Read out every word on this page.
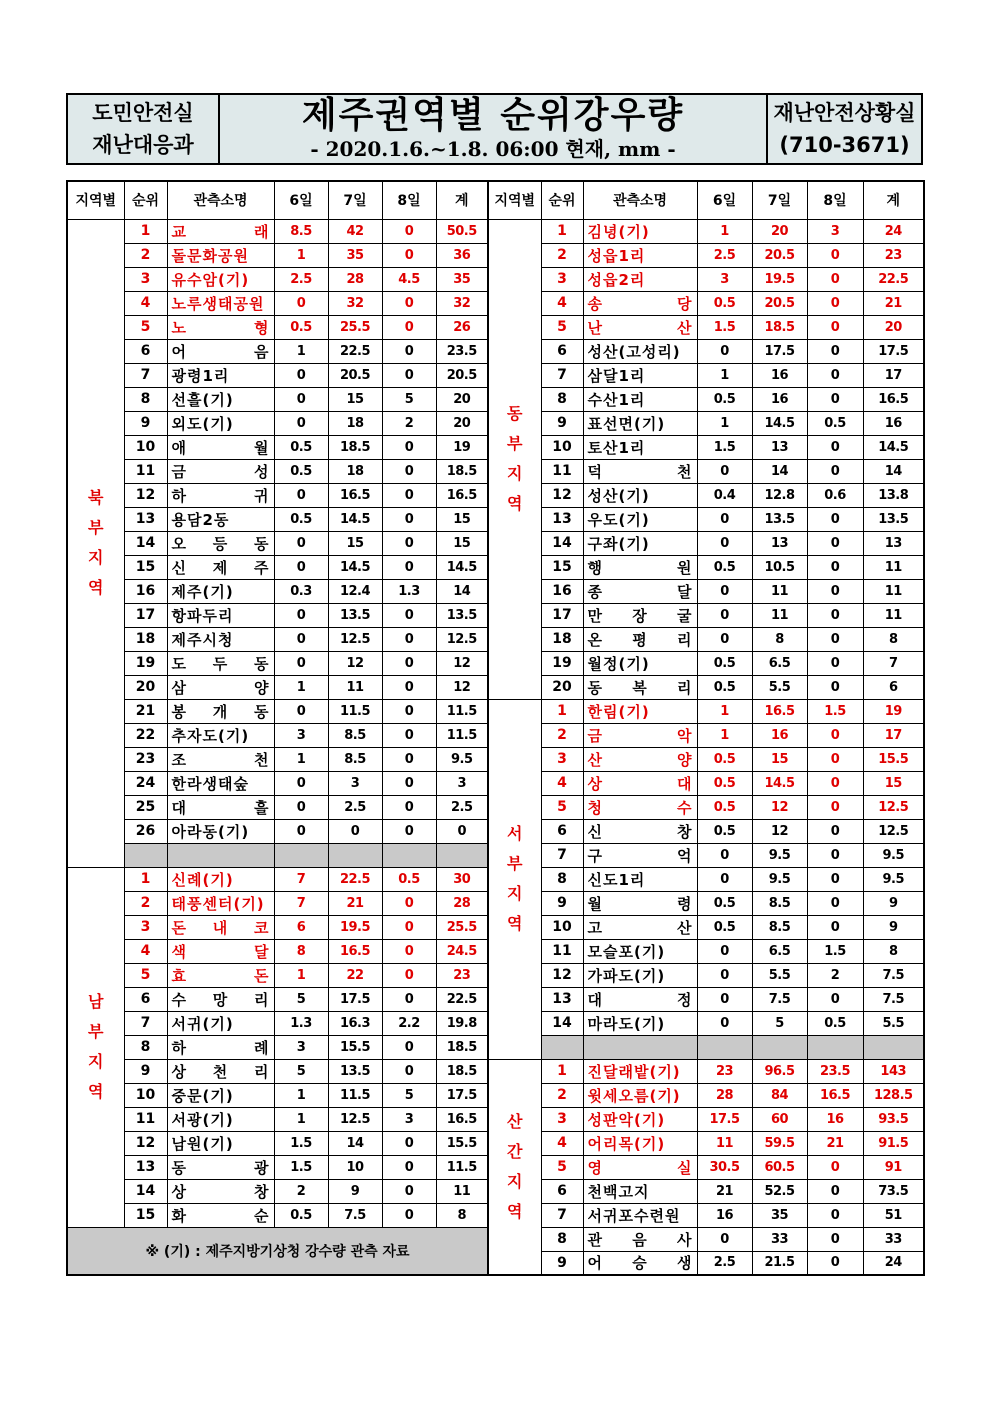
도민안전실
재난대응과
제주권역별 순위강우량
- 2020.1.6.~1.8. 06:00 현재, mm -
재난안전상황실
(710-3671)
지역별	순위	관측소명	6일	7일	8일	계
북
부
지
역	1	교 래	8.5	42	0	50.5
	2	돌문화공원	1	35	0	36
	3	유수암(기)	2.5	28	4.5	35
	4	노루생태공원	0	32	0	32
	5	노 형	0.5	25.5	0	26
	6	어 음	1	22.5	0	23.5
	7	광령1리	0	20.5	0	20.5
	8	선흘(기)	0	15	5	20
	9	외도(기)	0	18	2	20
	10	애 월	0.5	18.5	0	19
	11	금 성	0.5	18	0	18.5
	12	하 귀	0	16.5	0	16.5
	13	용담2동	0.5	14.5	0	15
	14	오 등 동	0	15	0	15
	15	신 제 주	0	14.5	0	14.5
	16	제주(기)	0.3	12.4	1.3	14
	17	항파두리	0	13.5	0	13.5
	18	제주시청	0	12.5	0	12.5
	19	도 두 동	0	12	0	12
	20	삼 양	1	11	0	12
	21	봉 개 동	0	11.5	0	11.5
	22	추자도(기)	3	8.5	0	11.5
	23	조 천	1	8.5	0	9.5
	24	한라생태숲	0	3	0	3
	25	대 흘	0	2.5	0	2.5
	26	아라동(기)	0	0	0	0

남
부
지
역	1	신례(기)	7	22.5	0.5	30
	2	태풍센터(기)	7	21	0	28
	3	돈 내 코	6	19.5	0	25.5
	4	색 달	8	16.5	0	24.5
	5	효 돈	1	22	0	23
	6	수 망 리	5	17.5	0	22.5
	7	서귀(기)	1.3	16.3	2.2	19.8
	8	하 례	3	15.5	0	18.5
	9	상 천 리	5	13.5	0	18.5
	10	중문(기)	1	11.5	5	17.5
	11	서광(기)	1	12.5	3	16.5
	12	남원(기)	1.5	14	0	15.5
	13	동 광	1.5	10	0	11.5
	14	상 창	2	9	0	11
	15	화 순	0.5	7.5	0	8
※ (기) : 제주지방기상청 강수량 관측 자료						
지역별	순위	관측소명	6일	7일	8일	계
동
부
지
역	1	김녕(기)	1	20	3	24
	2	성읍1리	2.5	20.5	0	23
	3	성읍2리	3	19.5	0	22.5
	4	송 당	0.5	20.5	0	21
	5	난 산	1.5	18.5	0	20
	6	성산(고성리)	0	17.5	0	17.5
	7	삼달1리	1	16	0	17
	8	수산1리	0.5	16	0	16.5
	9	표선면(기)	1	14.5	0.5	16
	10	토산1리	1.5	13	0	14.5
	11	덕 천	0	14	0	14
	12	성산(기)	0.4	12.8	0.6	13.8
	13	우도(기)	0	13.5	0	13.5
	14	구좌(기)	0	13	0	13
	15	행 원	0.5	10.5	0	11
	16	종 달	0	11	0	11
	17	만 장 굴	0	11	0	11
	18	온 평 리	0	8	0	8
	19	월정(기)	0.5	6.5	0	7
	20	동 복 리	0.5	5.5	0	6
서
부
지
역	1	한림(기)	1	16.5	1.5	19
	2	금 악	1	16	0	17
	3	산 양	0.5	15	0	15.5
	4	상 대	0.5	14.5	0	15
	5	청 수	0.5	12	0	12.5
	6	신 창	0.5	12	0	12.5
	7	구 억	0	9.5	0	9.5
	8	신도1리	0	9.5	0	9.5
	9	월 령	0.5	8.5	0	9
	10	고 산	0.5	8.5	0	9
	11	모슬포(기)	0	6.5	1.5	8
	12	가파도(기)	0	5.5	2	7.5
	13	대 정	0	7.5	0	7.5
	14	마라도(기)	0	5	0.5	5.5

산
간
지
역	1	진달래밭(기)	23	96.5	23.5	143
	2	윗세오름(기)	28	84	16.5	128.5
	3	성판악(기)	17.5	60	16	93.5
	4	어리목(기)	11	59.5	21	91.5
	5	영 실	30.5	60.5	0	91
	6	천백고지	21	52.5	0	73.5
	7	서귀포수련원	16	35	0	51
	8	관 음 사	0	33	0	33
	9	어 승 생	2.5	21.5	0	24
